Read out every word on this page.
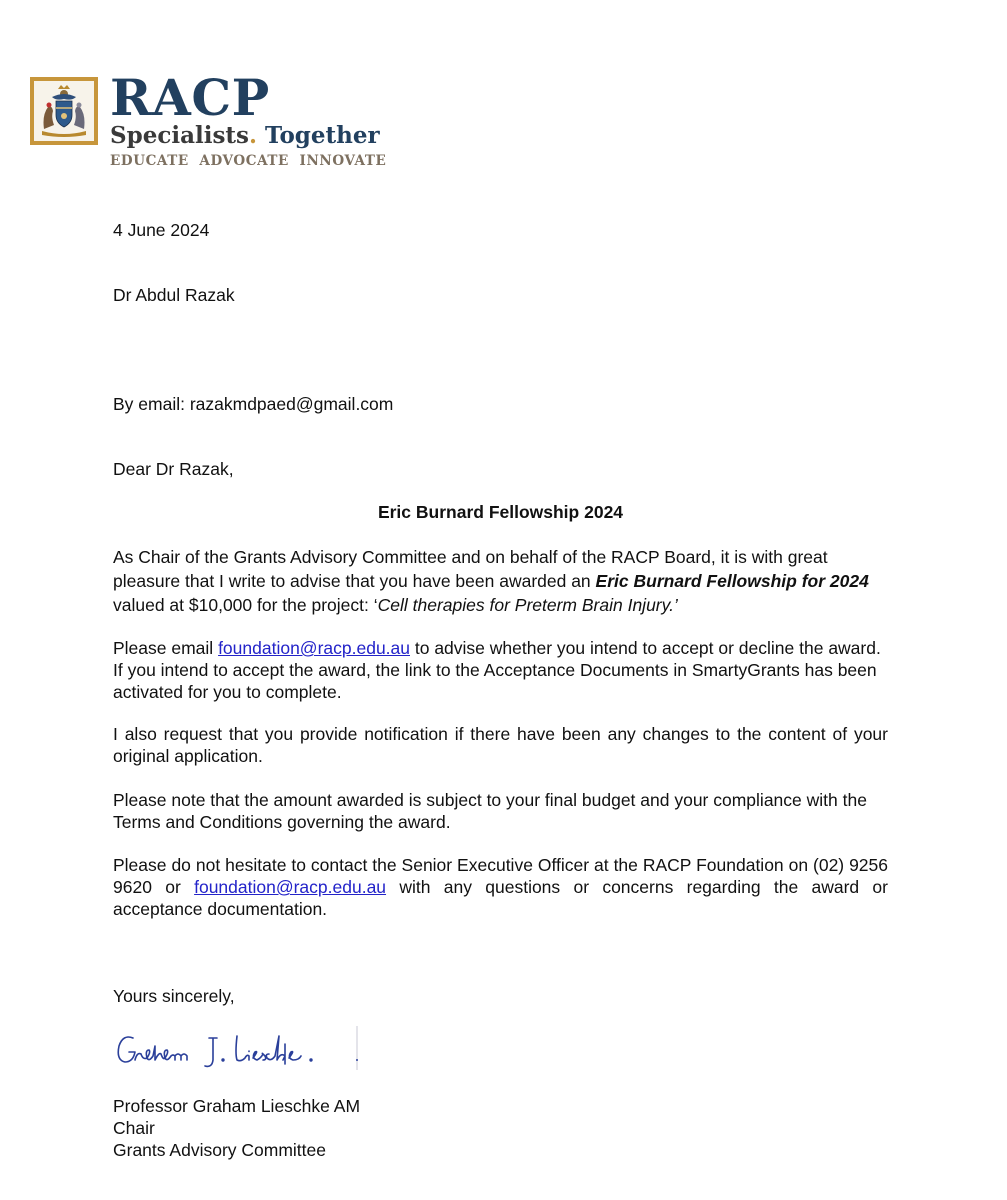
RACP
Specialists. Together
EDUCATE  ADVOCATE  INNOVATE
4 June 2024
Dr Abdul Razak
By email: razakmdpaed@gmail.com
Dear Dr Razak,
Eric Burnard Fellowship 2024
As Chair of the Grants Advisory Committee and on behalf of the RACP Board, it is with great pleasure that I write to advise that you have been awarded an Eric Burnard Fellowship for 2024 valued at $10,000 for the project: ‘Cell therapies for Preterm Brain Injury.’
Please email foundation@racp.edu.au to advise whether you intend to accept or decline the award. If you intend to accept the award, the link to the Acceptance Documents in SmartyGrants has been activated for you to complete.
I also request that you provide notification if there have been any changes to the content of your original application.
Please note that the amount awarded is subject to your final budget and your compliance with the Terms and Conditions governing the award.
Please do not hesitate to contact the Senior Executive Officer at the RACP Foundation on (02) 9256 9620 or foundation@racp.edu.au with any questions or concerns regarding the award or acceptance documentation.
Yours sincerely,
Professor Graham Lieschke AM
Chair
Grants Advisory Committee
